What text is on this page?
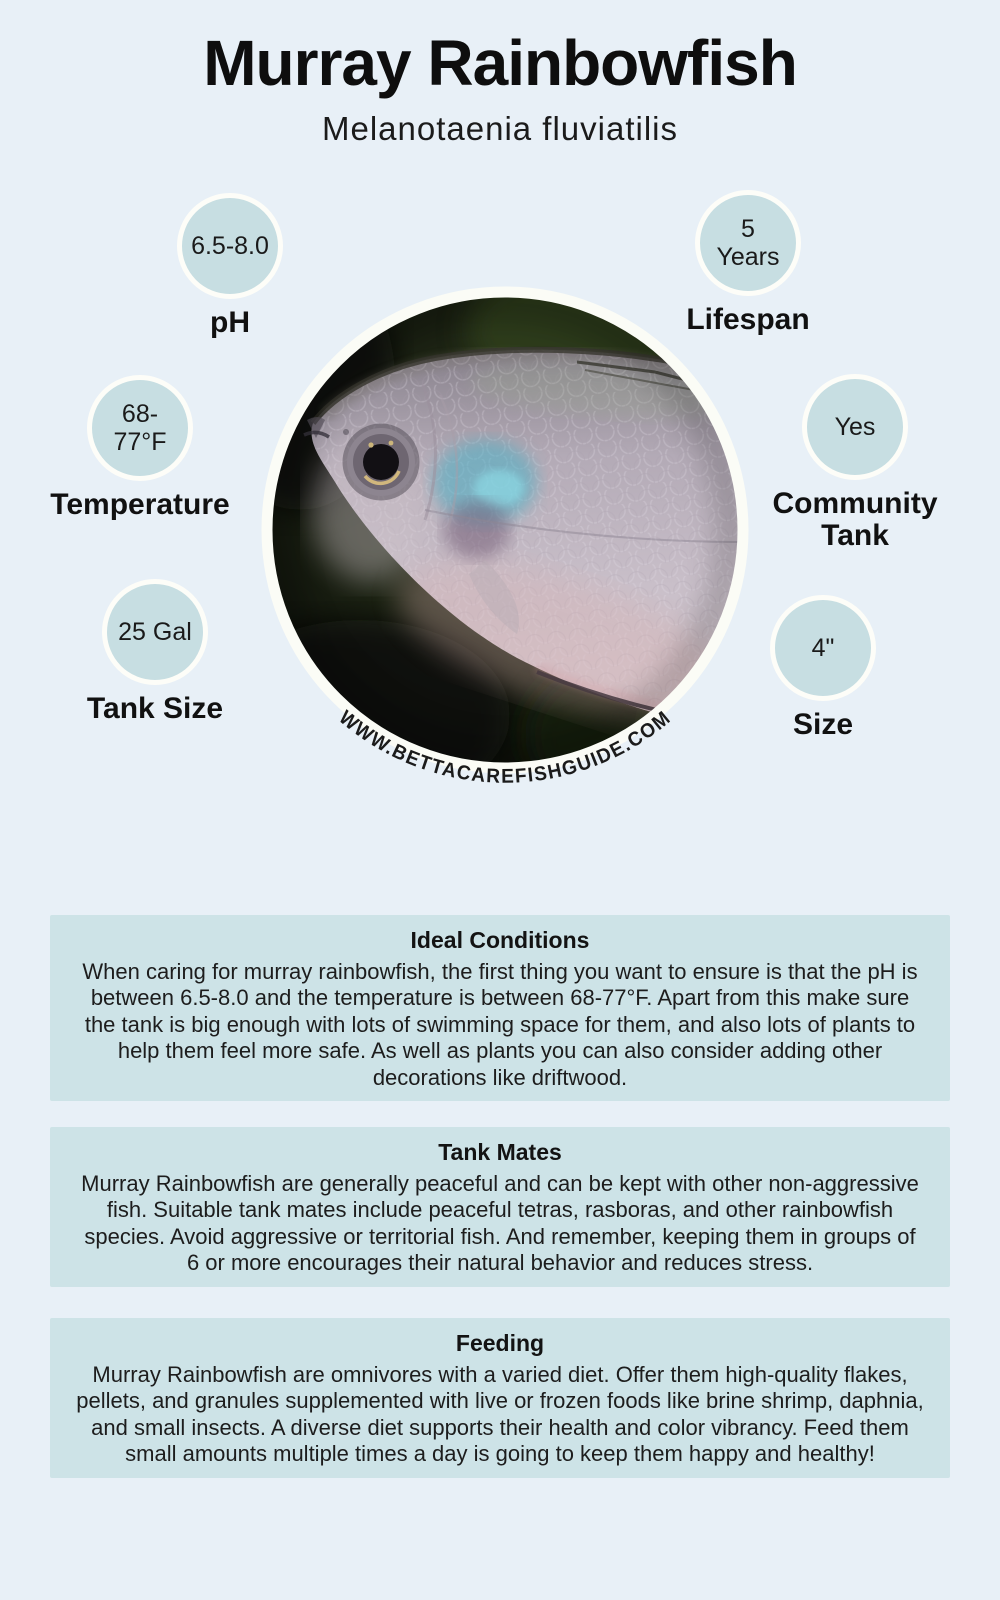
Murray Rainbowfish
Melanotaenia fluviatilis
6.5-8.0
pH
5 Years
Lifespan
68-77°F
Temperature
Yes
Community Tank
25 Gal
Tank Size
4"
Size
WWW.BETTACAREFISHGUIDE.COM
Ideal Conditions

When caring for murray rainbowfish, the first thing you want to ensure is that the pH is between 6.5-8.0 and the temperature is between 68-77°F. Apart from this make sure the tank is big enough with lots of swimming space for them, and also lots of plants to help them feel more safe. As well as plants you can also consider adding other decorations like driftwood.

Tank Mates

Murray Rainbowfish are generally peaceful and can be kept with other non-aggressive fish. Suitable tank mates include peaceful tetras, rasboras, and other rainbowfish species. Avoid aggressive or territorial fish. And remember, keeping them in groups of 6 or more encourages their natural behavior and reduces stress.

Feeding

Murray Rainbowfish are omnivores with a varied diet. Offer them high-quality flakes, pellets, and granules supplemented with live or frozen foods like brine shrimp, daphnia, and small insects. A diverse diet supports their health and color vibrancy. Feed them small amounts multiple times a day is going to keep them happy and healthy!
